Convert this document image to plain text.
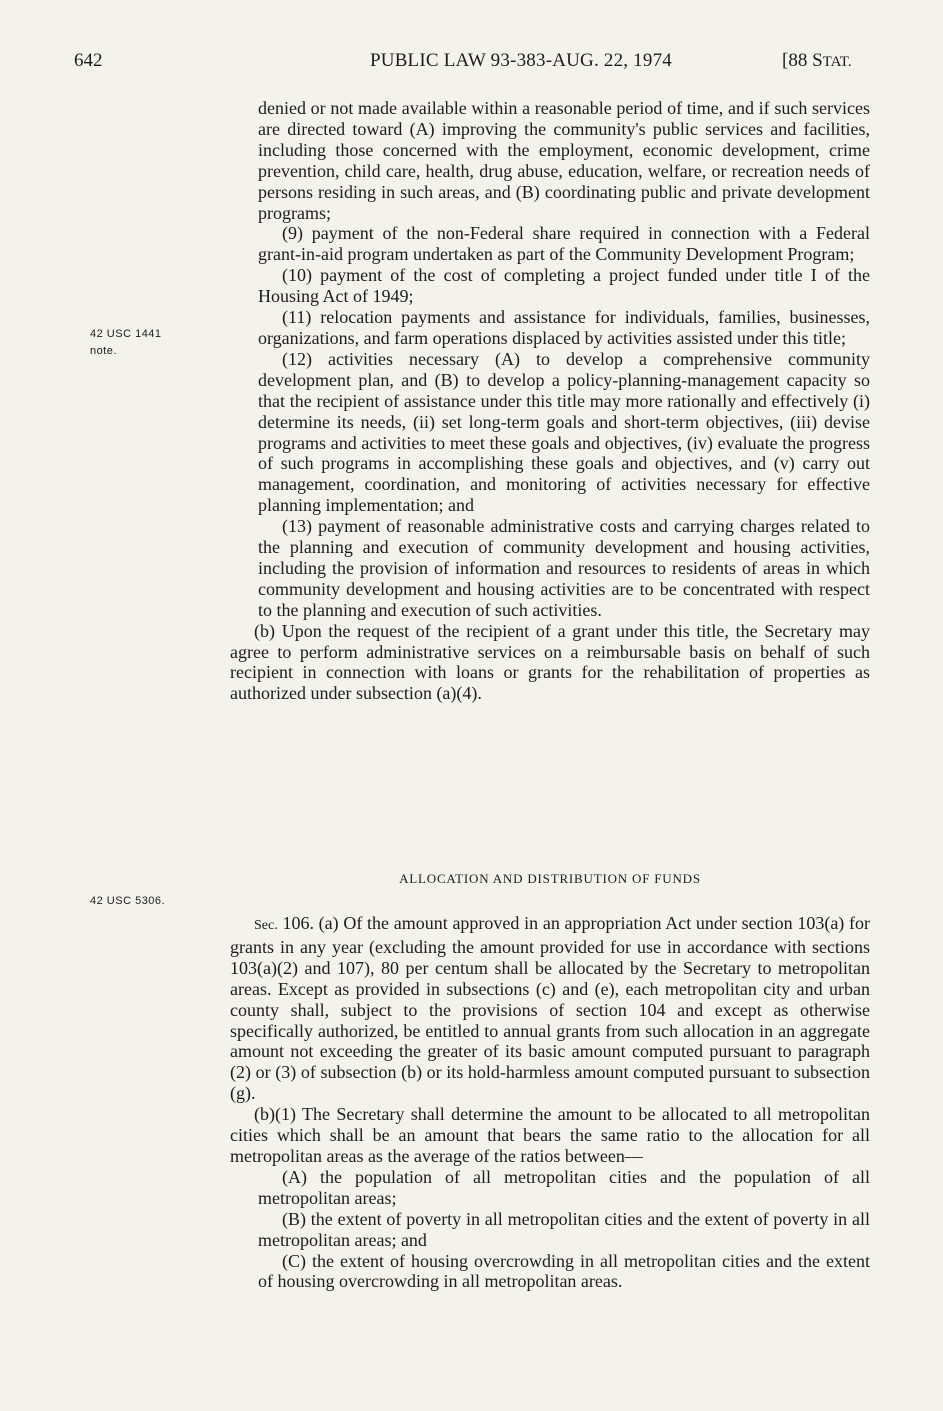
642	PUBLIC LAW 93-383-AUG. 22, 1974	[88 STAT.
42 USC 1441
note.
42 USC 5306.

denied or not made available within a reasonable period of time, and if such services are directed toward (A) improving the community's public services and facilities, including those concerned with the employment, economic development, crime prevention, child care, health, drug abuse, education, welfare, or recreation needs of persons residing in such areas, and (B) coordinating public and private development programs;

(9) payment of the non-Federal share required in connection with a Federal grant-in-aid program undertaken as part of the Community Development Program;

(10) payment of the cost of completing a project funded under title I of the Housing Act of 1949;

(11) relocation payments and assistance for individuals, families, businesses, organizations, and farm operations displaced by activities assisted under this title;

(12) activities necessary (A) to develop a comprehensive community development plan, and (B) to develop a policy-planning-management capacity so that the recipient of assistance under this title may more rationally and effectively (i) determine its needs, (ii) set long-term goals and short-term objectives, (iii) devise programs and activities to meet these goals and objectives, (iv) evaluate the progress of such programs in accomplishing these goals and objectives, and (v) carry out management, coordination, and monitoring of activities necessary for effective planning implementation; and

(13) payment of reasonable administrative costs and carrying charges related to the planning and execution of community development and housing activities, including the provision of information and resources to residents of areas in which community development and housing activities are to be concentrated with respect to the planning and execution of such activities.

(b) Upon the request of the recipient of a grant under this title, the Secretary may agree to perform administrative services on a reimbursable basis on behalf of such recipient in connection with loans or grants for the rehabilitation of properties as authorized under subsection (a)(4).

ALLOCATION AND DISTRIBUTION OF FUNDS

Sec. 106. (a) Of the amount approved in an appropriation Act under section 103(a) for grants in any year (excluding the amount provided for use in accordance with sections 103(a)(2) and 107), 80 per centum shall be allocated by the Secretary to metropolitan areas. Except as provided in subsections (c) and (e), each metropolitan city and urban county shall, subject to the provisions of section 104 and except as otherwise specifically authorized, be entitled to annual grants from such allocation in an aggregate amount not exceeding the greater of its basic amount computed pursuant to paragraph (2) or (3) of subsection (b) or its hold-harmless amount computed pursuant to subsection (g).

(b)(1) The Secretary shall determine the amount to be allocated to all metropolitan cities which shall be an amount that bears the same ratio to the allocation for all metropolitan areas as the average of the ratios between—

(A) the population of all metropolitan cities and the population of all metropolitan areas;

(B) the extent of poverty in all metropolitan cities and the extent of poverty in all metropolitan areas; and

(C) the extent of housing overcrowding in all metropolitan cities and the extent of housing overcrowding in all metropolitan areas.
